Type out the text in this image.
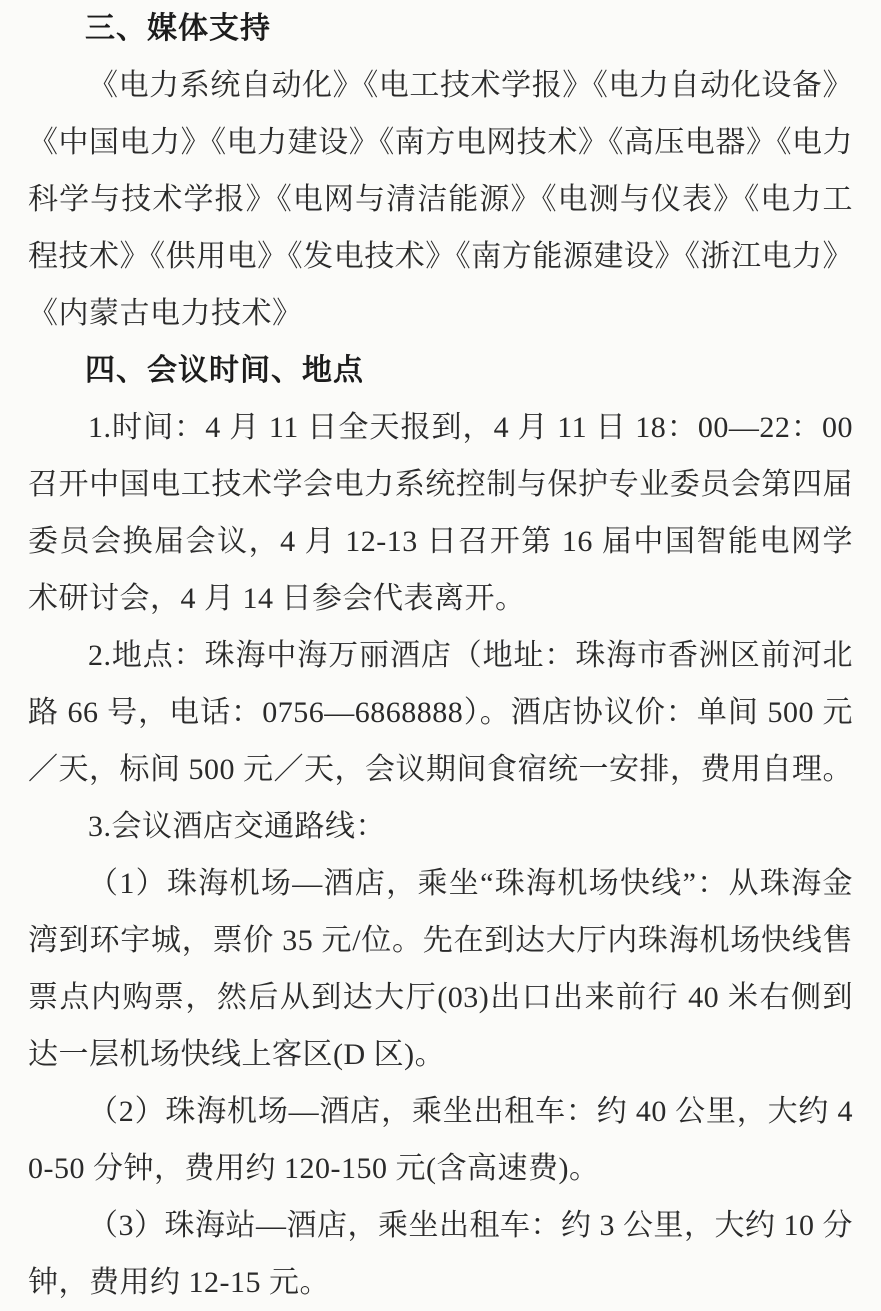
三、媒体支持

《电力系统自动化》《电工技术学报》《电力自动化设备》《中国电力》《电力建设》《南方电网技术》《高压电器》《电力科学与技术学报》《电网与清洁能源》《电测与仪表》《电力工程技术》《供用电》《发电技术》《南方能源建设》《浙江电力》《内蒙古电力技术》

四、会议时间、地点

1.时间：4 月 11 日全天报到，4 月 11 日 18：00—22：00 召开中国电工技术学会电力系统控制与保护专业委员会第四届委员会换届会议，4 月 12-13 日召开第 16 届中国智能电网学术研讨会，4 月 14 日参会代表离开。

2.地点：珠海中海万丽酒店（地址：珠海市香洲区前河北路 66 号，电话：0756—6868888）。酒店协议价：单间 500 元／天，标间 500 元／天，会议期间食宿统一安排，费用自理。

3.会议酒店交通路线：

（1）珠海机场—酒店，乘坐“珠海机场快线”：从珠海金湾到环宇城，票价 35 元/位。先在到达大厅内珠海机场快线售票点内购票，然后从到达大厅(03)出口出来前行 40 米右侧到达一层机场快线上客区(D 区)。

（2）珠海机场—酒店，乘坐出租车：约 40 公里，大约 40-50 分钟，费用约 120-150 元(含高速费)。

（3）珠海站—酒店，乘坐出租车：约 3 公里，大约 10 分钟，费用约 12-15 元。
